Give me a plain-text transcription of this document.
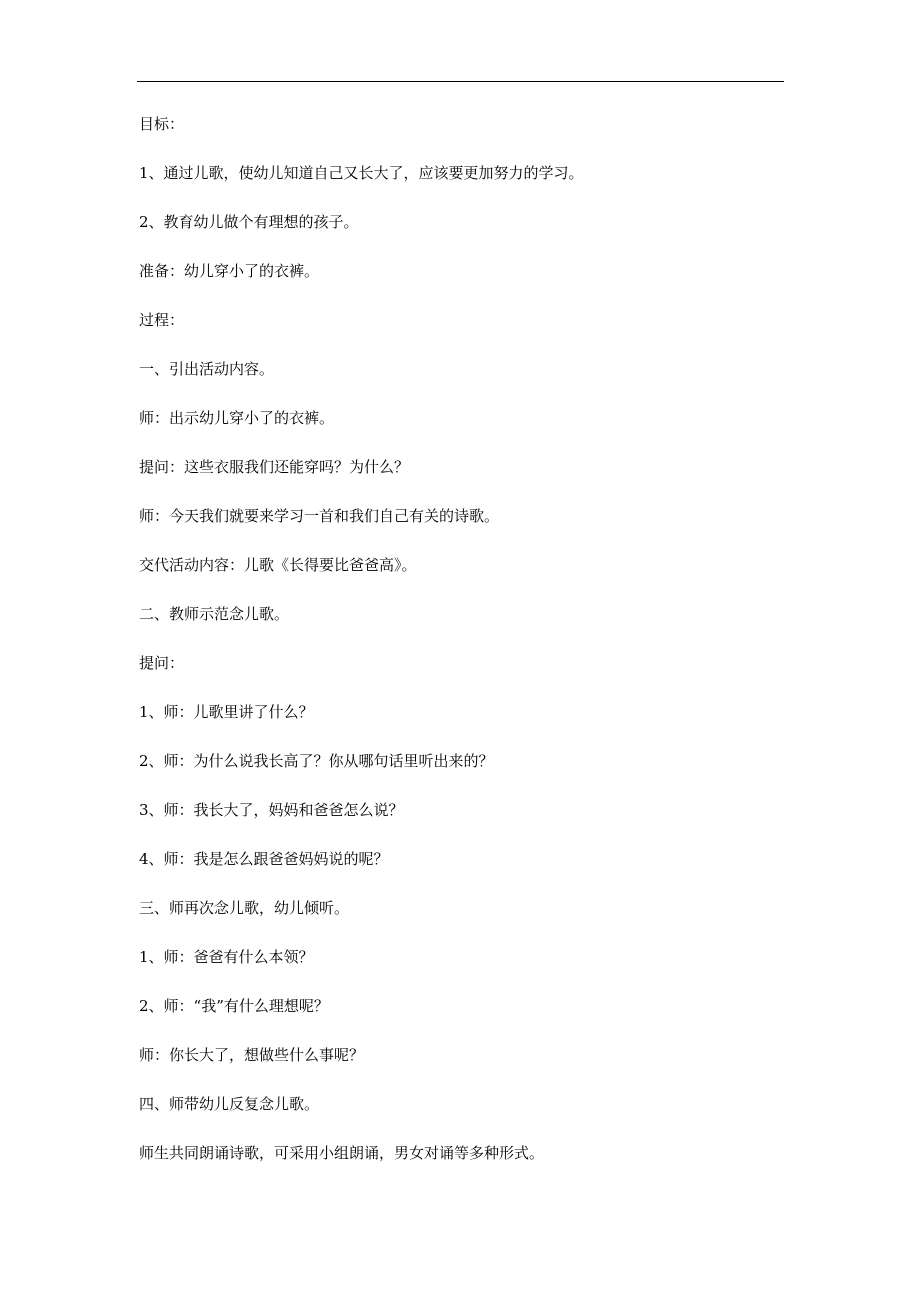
目标：
1、通过儿歌，使幼儿知道自己又长大了，应该要更加努力的学习。
2、教育幼儿做个有理想的孩子。
准备：幼儿穿小了的衣裤。
过程：
一、引出活动内容。
师：出示幼儿穿小了的衣裤。
提问：这些衣服我们还能穿吗？为什么？
师：今天我们就要来学习一首和我们自己有关的诗歌。
交代活动内容：儿歌《长得要比爸爸高》。
二、教师示范念儿歌。
提问：
1、师：儿歌里讲了什么？
2、师：为什么说我长高了？你从哪句话里听出来的？
3、师：我长大了，妈妈和爸爸怎么说？
4、师：我是怎么跟爸爸妈妈说的呢？
三、师再次念儿歌，幼儿倾听。
1、师：爸爸有什么本领？
2、师：“我”有什么理想呢？
师：你长大了，想做些什么事呢？
四、师带幼儿反复念儿歌。
师生共同朗诵诗歌，可采用小组朗诵，男女对诵等多种形式。
